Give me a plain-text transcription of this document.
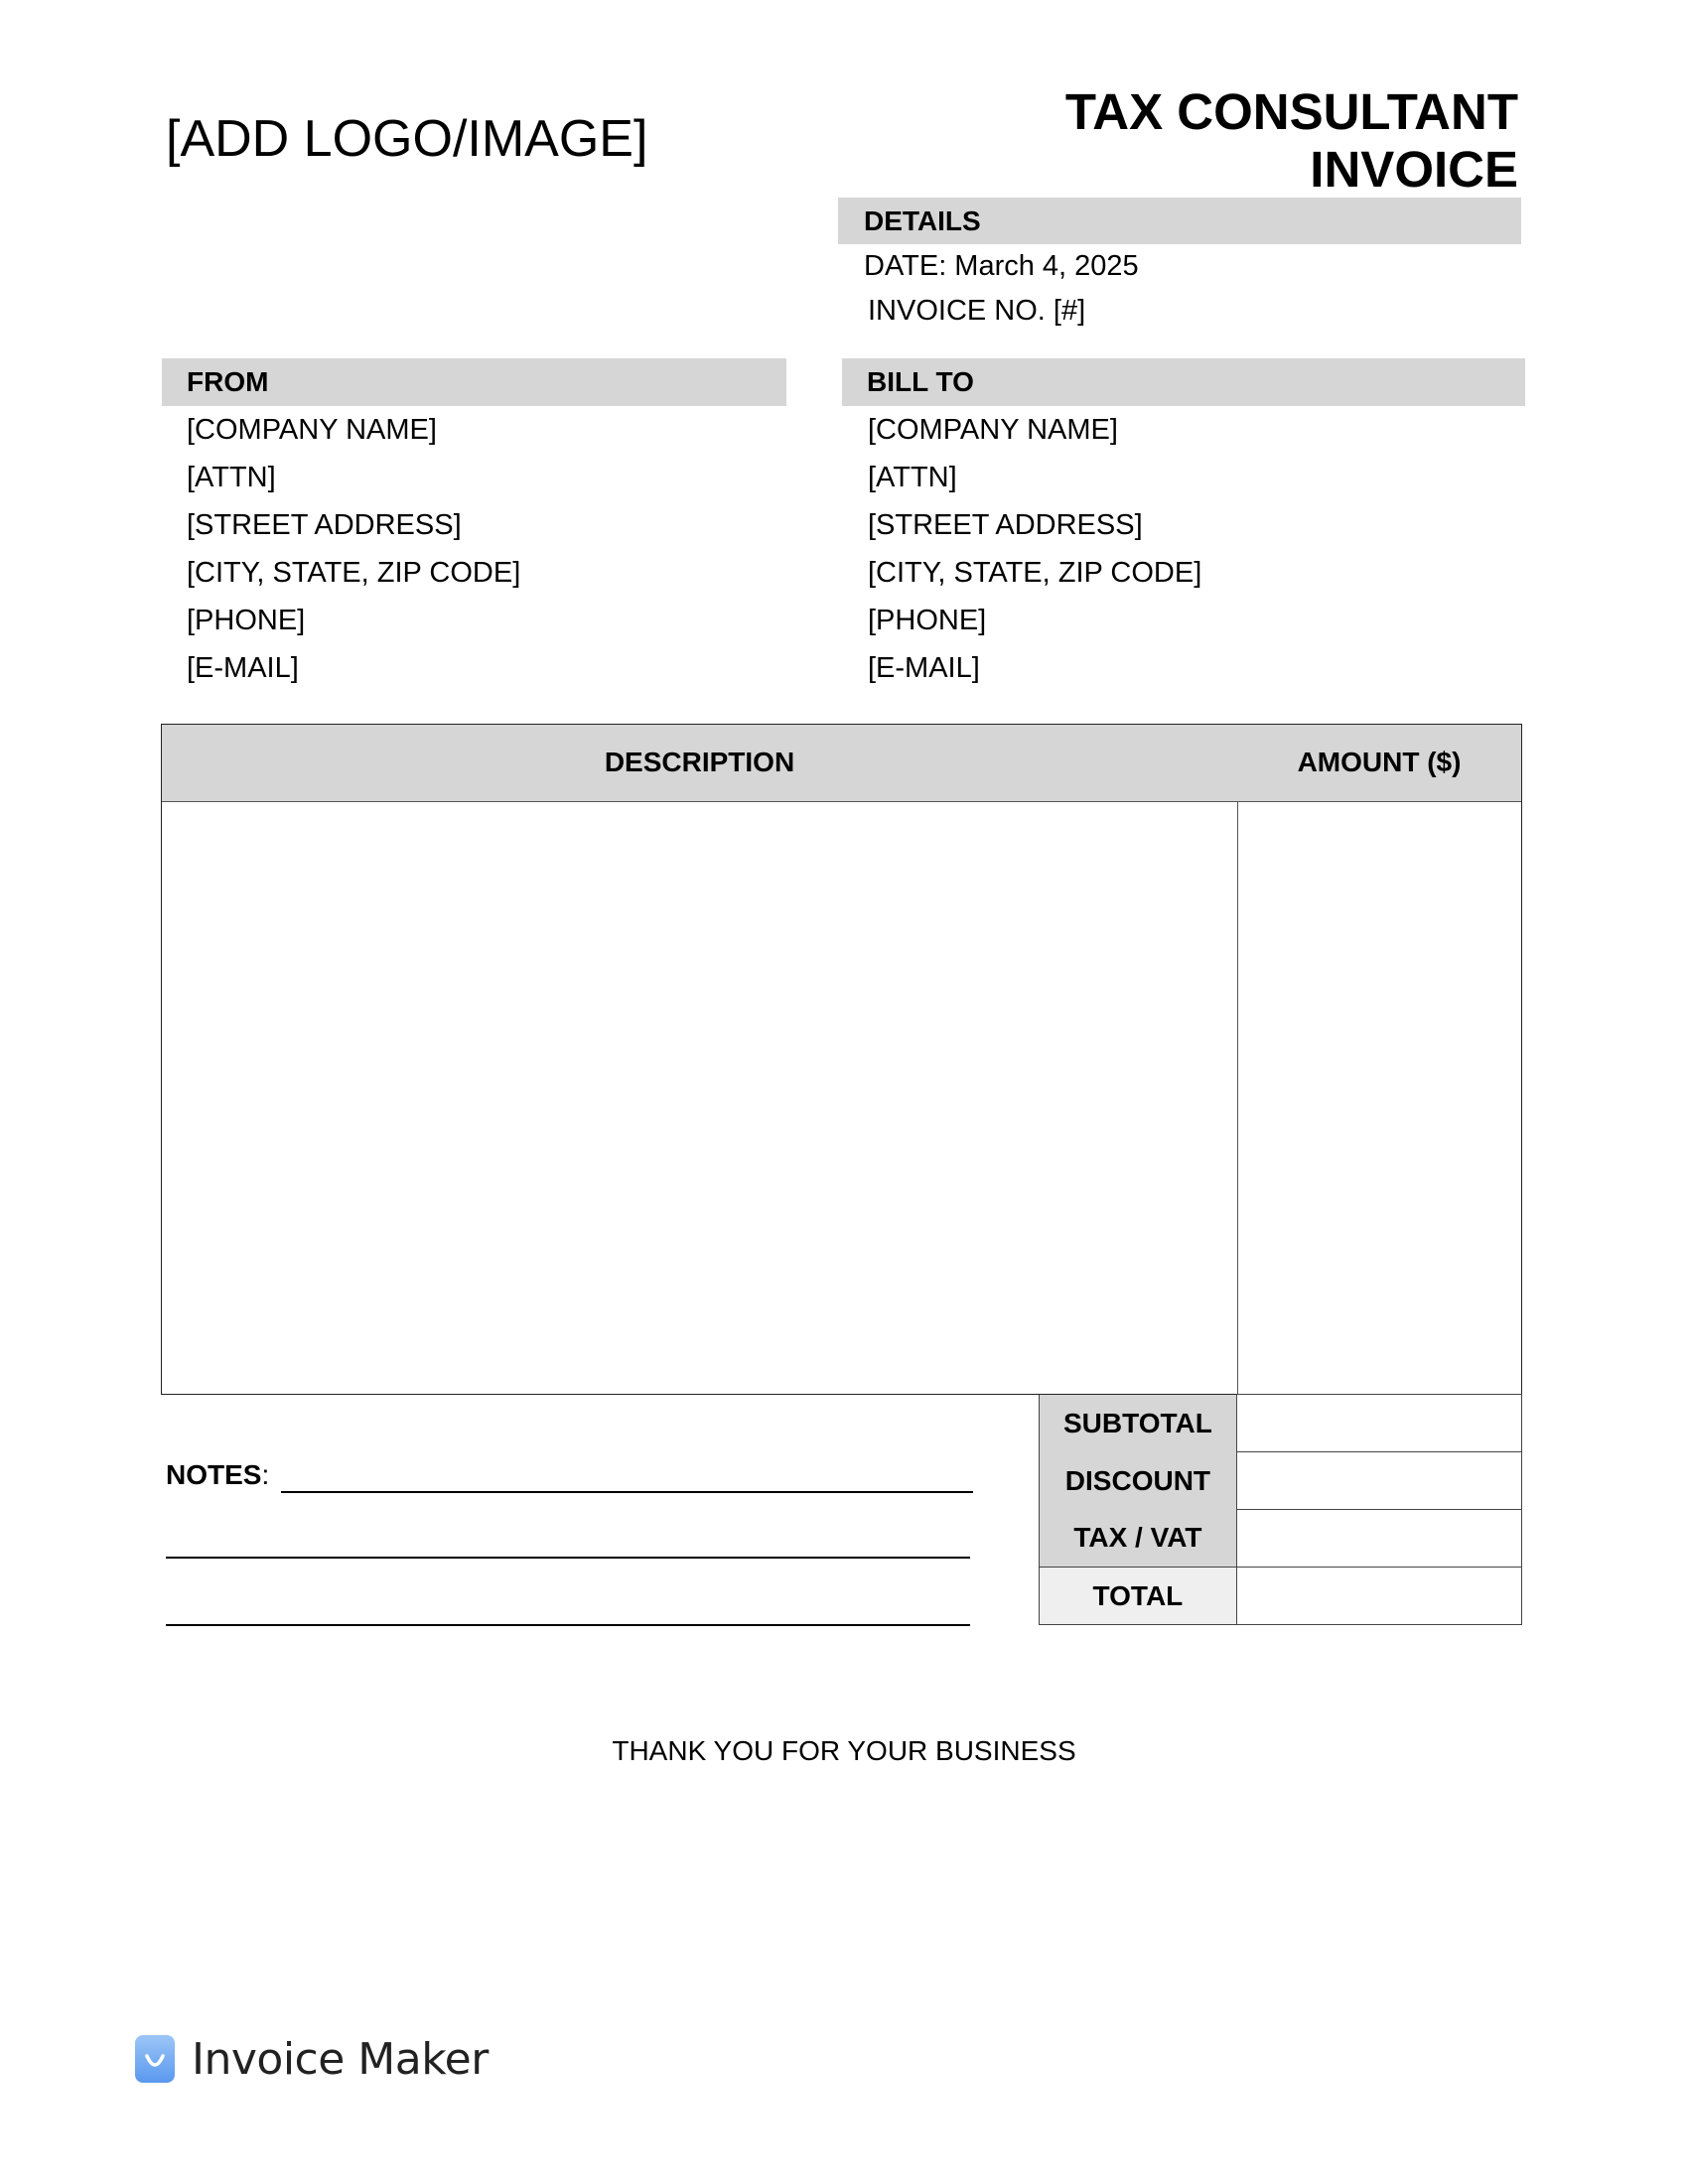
[ADD LOGO/IMAGE]	TAX CONSULTANT
INVOICE
DETAILS
DATE: March 4, 2025
INVOICE NO. [#]
FROM
[COMPANY NAME]
[ATTN]
[STREET ADDRESS]
[CITY, STATE, ZIP CODE]
[PHONE]
[E-MAIL]
BILL TO
[COMPANY NAME]
[ATTN]
[STREET ADDRESS]
[CITY, STATE, ZIP CODE]
[PHONE]
[E-MAIL]
DESCRIPTION	AMOUNT ($)
SUBTOTAL	
DISCOUNT	
TAX / VAT	
TOTAL	
NOTES:
THANK YOU FOR YOUR BUSINESS
Invoice Maker
